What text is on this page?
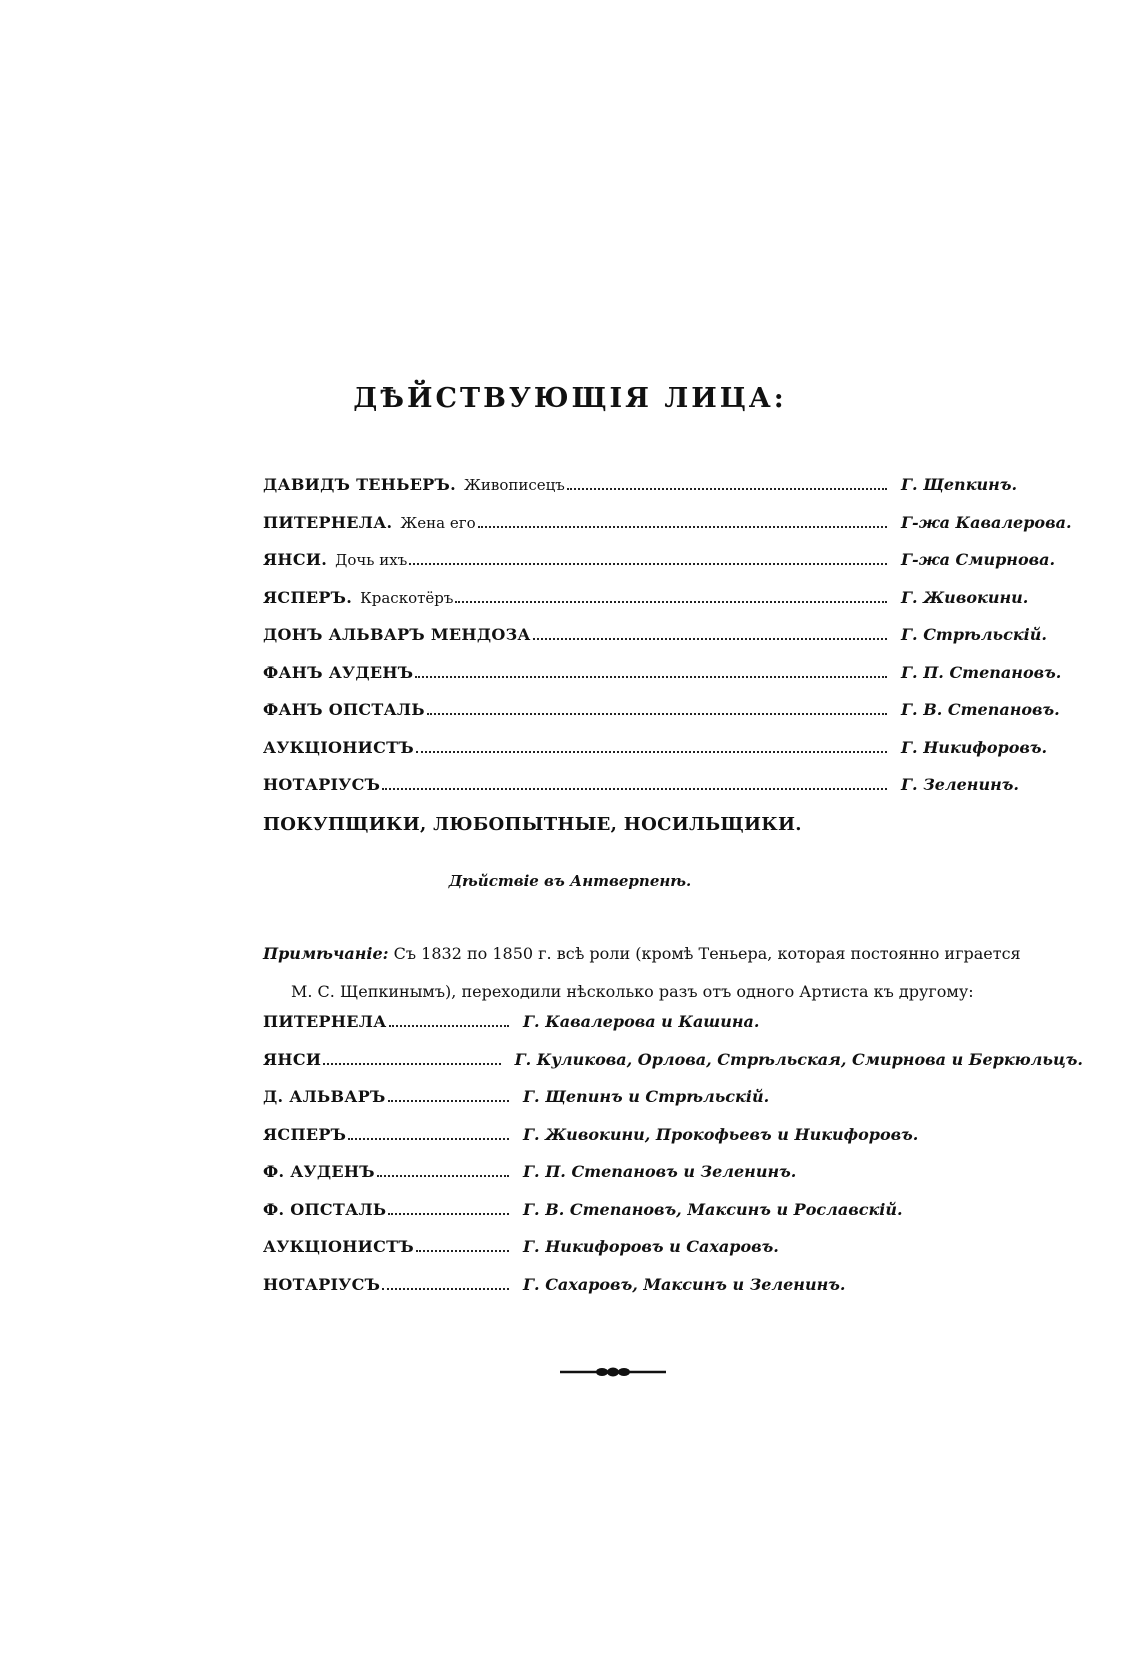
ДѢЙСТВУЮЩІЯ ЛИЦА:
ДАВИДЪ ТЕНЬЕРЪ. Живописецъ	Г. Щепкинъ.
ПИТЕРНЕЛА. Жена его	Г-жа Кавалерова.
ЯНСИ. Дочь ихъ	Г-жа Смирнова.
ЯСПЕРЪ. Краскотёръ	Г. Живокини.
ДОНЪ АЛЬВАРЪ МЕНДОЗА	Г. Стрѣльскій.
ФАНЪ АУДЕНЪ	Г. П. Степановъ.
ФАНЪ ОПСТАЛЬ	Г. В. Степановъ.
АУКЦІОНИСТЪ	Г. Никифоровъ.
НОТАРІУСЪ	Г. Зеленинъ.
ПОКУПЩИКИ, ЛЮБОПЫТНЫЕ, НОСИЛЬЩИКИ.
Дѣйствіе въ Антверпенѣ.
Примѣчаніе: Съ 1832 по 1850 г. всѣ роли (кромѣ Теньера, которая постоянно играется
М. С. Щепкинымъ), переходили нѣсколько разъ отъ одного Артиста къ другому:
ПИТЕРНЕЛА	Г. Кавалерова и Кашина.
ЯНСИ	Г. Куликова, Орлова, Стрѣльская, Смирнова и Беркюльцъ.
Д. АЛЬВАРЪ	Г. Щепинъ и Стрѣльскій.
ЯСПЕРЪ	Г. Живокини, Прокофьевъ и Никифоровъ.
Ф. АУДЕНЪ	Г. П. Степановъ и Зеленинъ.
Ф. ОПСТАЛЬ	Г. В. Степановъ, Максинъ и Рославскій.
АУКЦІОНИСТЪ	Г. Никифоровъ и Сахаровъ.
НОТАРІУСЪ	Г. Сахаровъ, Максинъ и Зеленинъ.
